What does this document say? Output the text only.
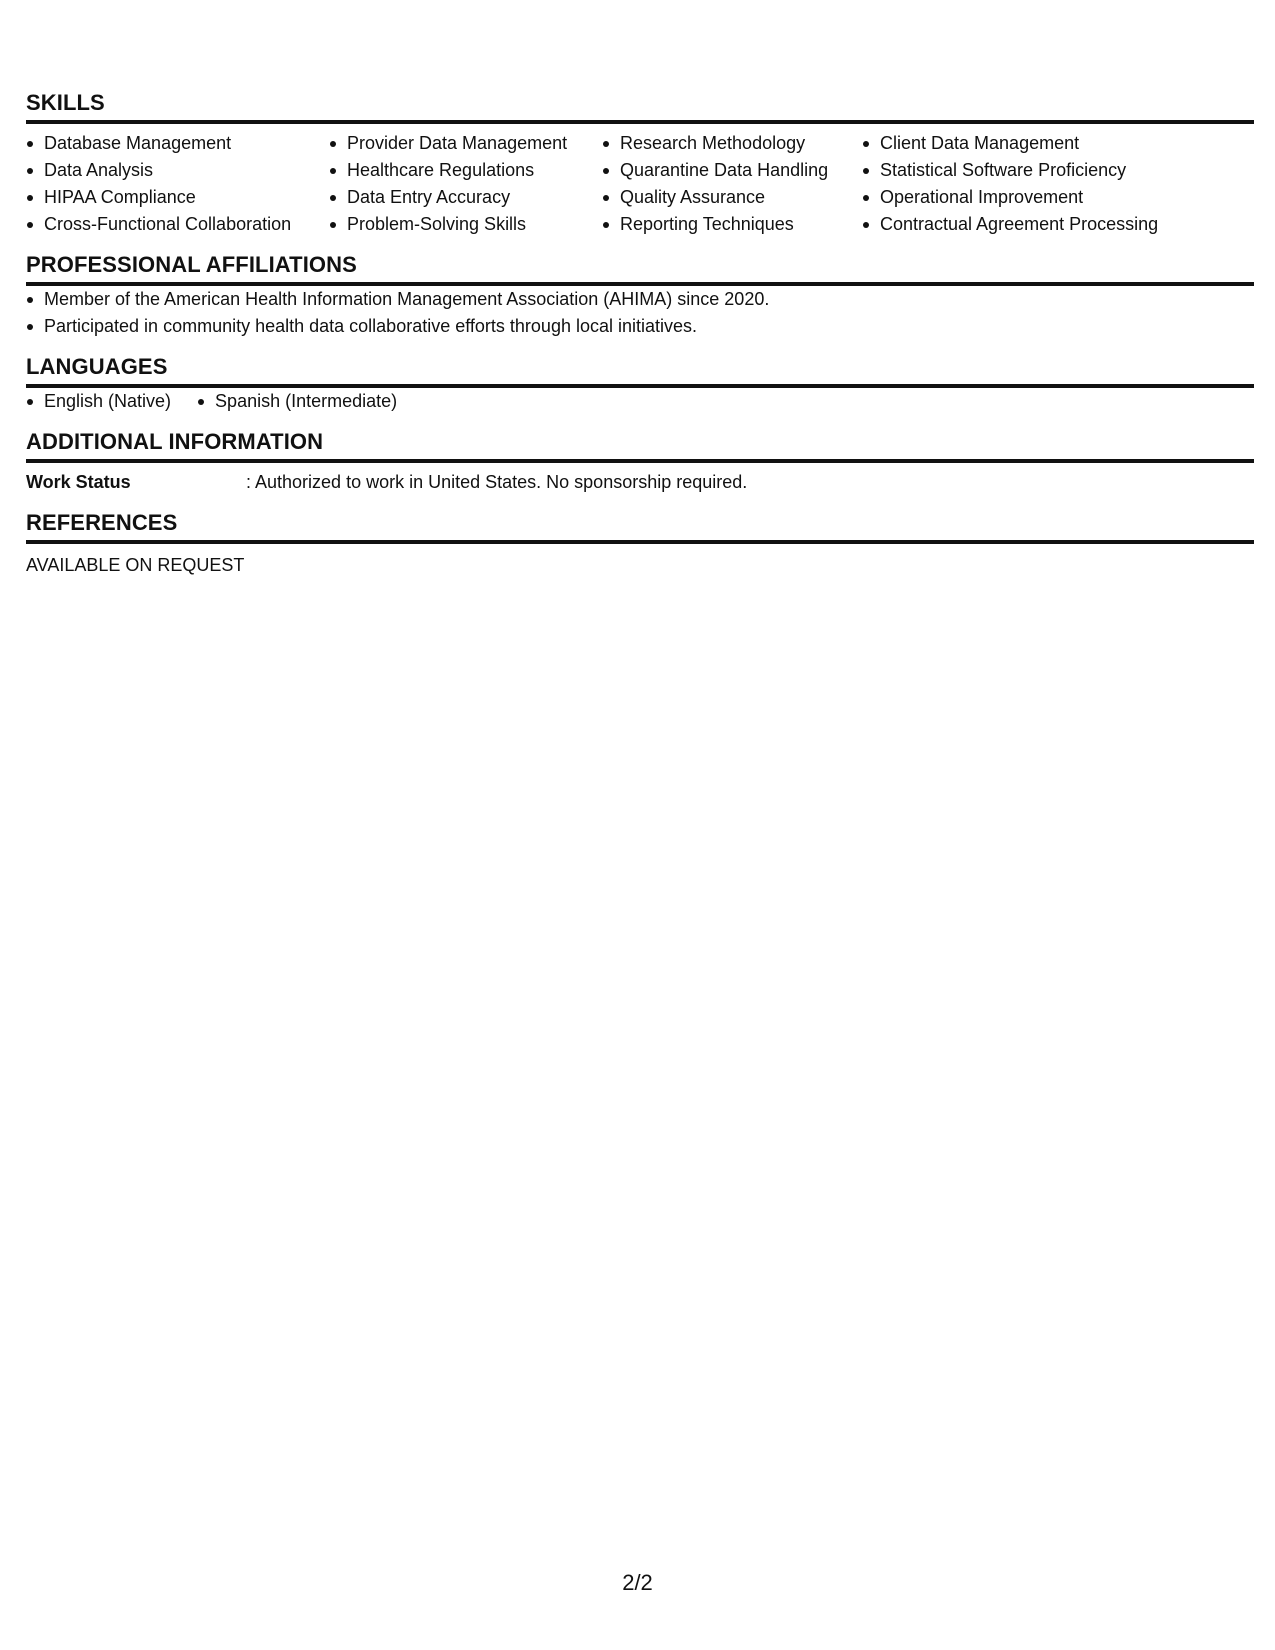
SKILLS
Database Management
Data Analysis
HIPAA Compliance
Cross-Functional Collaboration
Provider Data Management
Healthcare Regulations
Data Entry Accuracy
Problem-Solving Skills
Research Methodology
Quarantine Data Handling
Quality Assurance
Reporting Techniques
Client Data Management
Statistical Software Proficiency
Operational Improvement
Contractual Agreement Processing
PROFESSIONAL AFFILIATIONS
Member of the American Health Information Management Association (AHIMA) since 2020.
Participated in community health data collaborative efforts through local initiatives.
LANGUAGES
English (Native)	Spanish (Intermediate)
ADDITIONAL INFORMATION
Work Status	: Authorized to work in United States. No sponsorship required.
REFERENCES
AVAILABLE ON REQUEST
2/2
